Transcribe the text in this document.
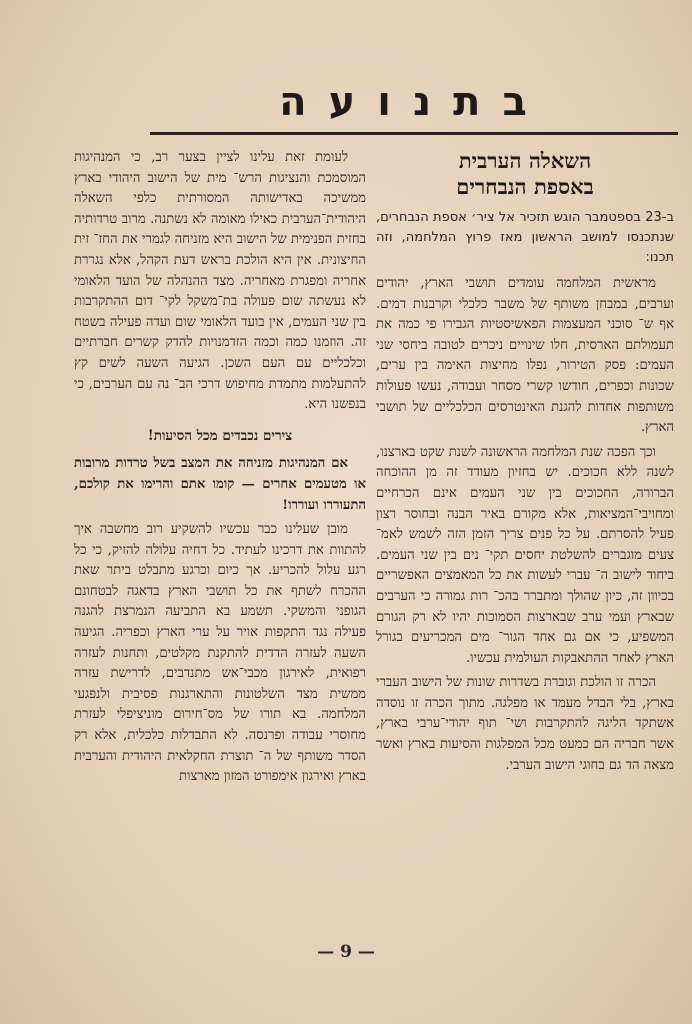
בתנועה
השאלה הערבית
באספת הנבחרים

ב-23 בספטמבר הוגש תזכיר אל ציר׳ אספת הנבחרים, שנתכנסו למושב הראשון מאז פרוץ המלחמה, וזה תכנו:

מראשית המלחמה עומדים תושבי הארץ, יהודים וערבים, במבחן משותף של משבר כלכלי וקרבנות דמים. אף ש־ סוכני המעצמות הפאשיסטיות הגבירו פי כמה את תעמולתם הארסית, חלו שינויים ניכרים לטובה ביחסי שני העמים: פסק הטירור, נפלו מחיצות האימה בין ערים, שכונות וכפרים, חודשו קשרי מסחר ועבודה, נעשו פעולות משותפות אחדות להגנת האינטרסים הכלכליים של תושבי הארץ.

וכך הפכה שנת המלחמה הראשונה לשנת שקט בארצנו, לשנה ללא חכוכים. יש בחזיון מעודד זה מן ההוכחה הברורה, החכוכים בין שני העמים אינם הכרחיים ומחויבי־המציאות, אלא מקורם באיר הבנה ובחוסר רצון פעיל להסרתם. על כל פנים צריך הזמן הזה לשמש לאמ־ צעים מוגברים להשלטת יחסים תקי־ נים בין שני העמים. ביחוד לישוב ה־ עברי לעשות את כל המאמצים האפשריים בכיוון זה, כיון שהולך ומתברר בהכ־ רות גמורה כי הערבים שבארץ ועמי ערב שבארצות הסמוכות יהיו לא רק הגורם המשפיע, כי אם גם אחד הגור־ מים המכריעים בגורל הארץ לאחר ההתאבקות העולמית עכשיו.

הכרה זו הולכת וגוברת בשדרות שונות של הישוב העברי בארץ, בלי הבדל מעמד או מפלגה. מתוך הכרה זו נוסדה אשתקד הליגה להתקרבות ושי־ תוף יהודי־ערבי בארץ, אשר חבריה הם כמעט מכל המפלגות והסיעות בארץ ואשר מצאה הד גם בחוגי הישוב הערבי.

לעומת זאת עלינו לציין בצער רב, כי המנהיגות המוסמכת והנציגות הרש־ מית של הישוב היהודי בארץ ממשיכה באדישותה המסורתית כלפי השאלה היהודית־הערבית כאילו מאומה לא נשתנה. מרוב טרדותיה בחזית הפנימית של הישוב היא מזניחה לגמרי את החז־ זית החיצונית. אין היא הולכת בראש דעת הקהל, אלא נגררת אחריה ומפגרת מאחריה. מצד ההנהלה של הועד הלאומי לא נעשתה שום פעולה בת־משקל לקי־ דום ההתקרבות בין שני העמים, אין בועד הלאומי שום ועדה פעילה בשטח זה. הוזמנו כמה וכמה הזדמנויות להדק קשרים חברתיים וכלכליים עם העם השכן. הגיעה השעה לשים קץ להתעלמות מתמדת מחיפוש דרכי הב־ נה עם הערבים, כי בנפשנו היא.

צירים נכבדים מכל הסיעות!

אם המנהיגות מזניחה את המצב בשל טרדות מרובות או מטעמים אחרים — קומו אתם והרימו את קולכם, התעוררו ועוררו!

מובן שעלינו כבר עכשיו להשקיע רוב מחשבה איך להתוות את דרכינו לעתיד. כל דחיה עלולה להזיק, כי כל רגע עלול להכריע. אך כיום וכרגע מתבלט ביתר שאת ההכרח לשתף את כל תושבי הארץ בדאגה לבטחונם הגופני והמשקי. תשמע בא התביעה הנמרצת להגנה פעילה נגד התקפות אויר על ערי הארץ וכפריה. הגיעה השעה לעזרה הדדית להתקנת מקלטים, ותחנות לעזרה רפואית, לאירגון מכבי־אש מתנדבים, לדרישת עזרה ממשית מצד השלטונות והתארגנות פסיבית ולנפגעי המלחמה. בא תורו של מס־חירום מוניציפלי לעזרת מחוסרי עבודה ופרנסה. לא התבדלות כלכלית, אלא רק הסדר משותף של ה־ תוצרת החקלאית היהודית והערבית בארץ ואירגון אימפורט המזון מארצות

— 9 —
